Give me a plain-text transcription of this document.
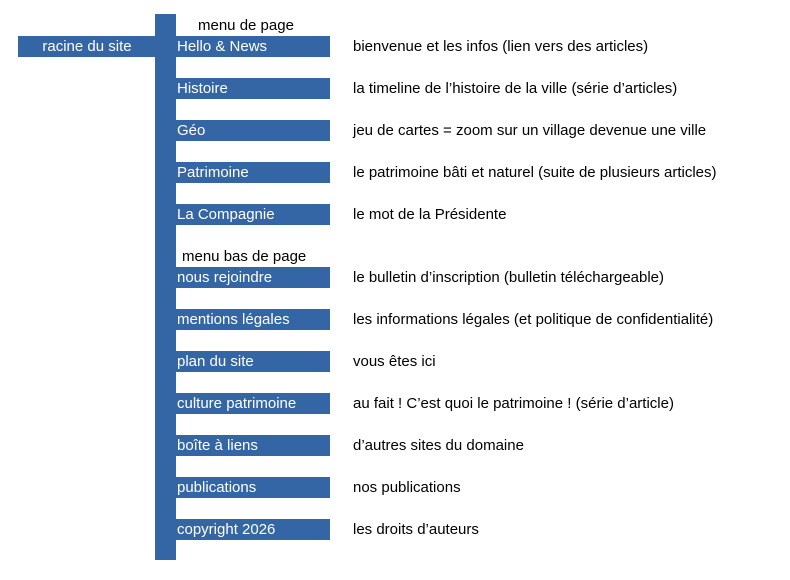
racine du site
menu de page
Hello & News	bienvenue et les infos (lien vers des articles)
Histoire	la timeline de l’histoire de la ville (série d’articles)
Géo	jeu de cartes = zoom sur un village devenue une ville
Patrimoine	le patrimoine bâti et naturel (suite de plusieurs articles)
La Compagnie	le mot de la Présidente
menu bas de page
nous rejoindre	le bulletin d’inscription (bulletin téléchargeable)
mentions légales	les informations légales (et politique de confidentialité)
plan du site	vous êtes ici
culture patrimoine	au fait ! C’est quoi le patrimoine ! (série d’article)
boîte à liens	d’autres sites du domaine
publications	nos publications
copyright 2026	les droits d’auteurs
